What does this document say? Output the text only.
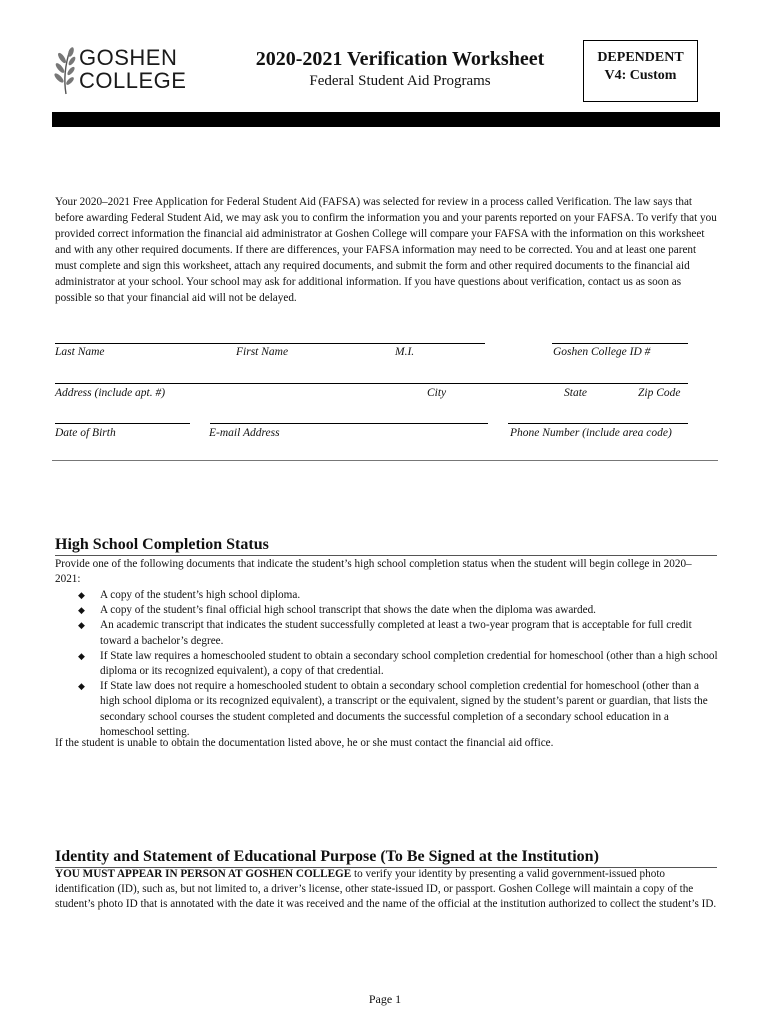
GOSHEN
COLLEGE
2020-2021 Verification Worksheet
Federal Student Aid Programs
DEPENDENT
V4: Custom
Your 2020–2021 Free Application for Federal Student Aid (FAFSA) was selected for review in a process called Verification. The law says that before awarding Federal Student Aid, we may ask you to confirm the information you and your parents reported on your FAFSA. To verify that you provided correct information the financial aid administrator at Goshen College will compare your FAFSA with the information on this worksheet and with any other required documents. If there are differences, your FAFSA information may need to be corrected. You and at least one parent must complete and sign this worksheet, attach any required documents, and submit the form and other required documents to the financial aid administrator at your school. Your school may ask for additional information. If you have questions about verification, contact us as soon as possible so that your financial aid will not be delayed.
Last Name	First Name	M.I.	Goshen College ID #
Address (include apt. #)	City	State	Zip Code
Date of Birth	E-mail Address	Phone Number (include area code)
High School Completion Status
Provide one of the following documents that indicate the student’s high school completion status when the student will begin college in 2020–2021:
◆ A copy of the student’s high school diploma.
◆ A copy of the student’s final official high school transcript that shows the date when the diploma was awarded.
◆ An academic transcript that indicates the student successfully completed at least a two-year program that is acceptable for full credit toward a bachelor’s degree.
◆ If State law requires a homeschooled student to obtain a secondary school completion credential for homeschool (other than a high school diploma or its recognized equivalent), a copy of that credential.
◆ If State law does not require a homeschooled student to obtain a secondary school completion credential for homeschool (other than a high school diploma or its recognized equivalent), a transcript or the equivalent, signed by the student’s parent or guardian, that lists the secondary school courses the student completed and documents the successful completion of a secondary school education in a homeschool setting.
If the student is unable to obtain the documentation listed above, he or she must contact the financial aid office.
Identity and Statement of Educational Purpose (To Be Signed at the Institution)
YOU MUST APPEAR IN PERSON AT GOSHEN COLLEGE to verify your identity by presenting a valid government-issued photo identification (ID), such as, but not limited to, a driver’s license, other state-issued ID, or passport. Goshen College will maintain a copy of the student’s photo ID that is annotated with the date it was received and the name of the official at the institution authorized to collect the student’s ID.
Page 1
